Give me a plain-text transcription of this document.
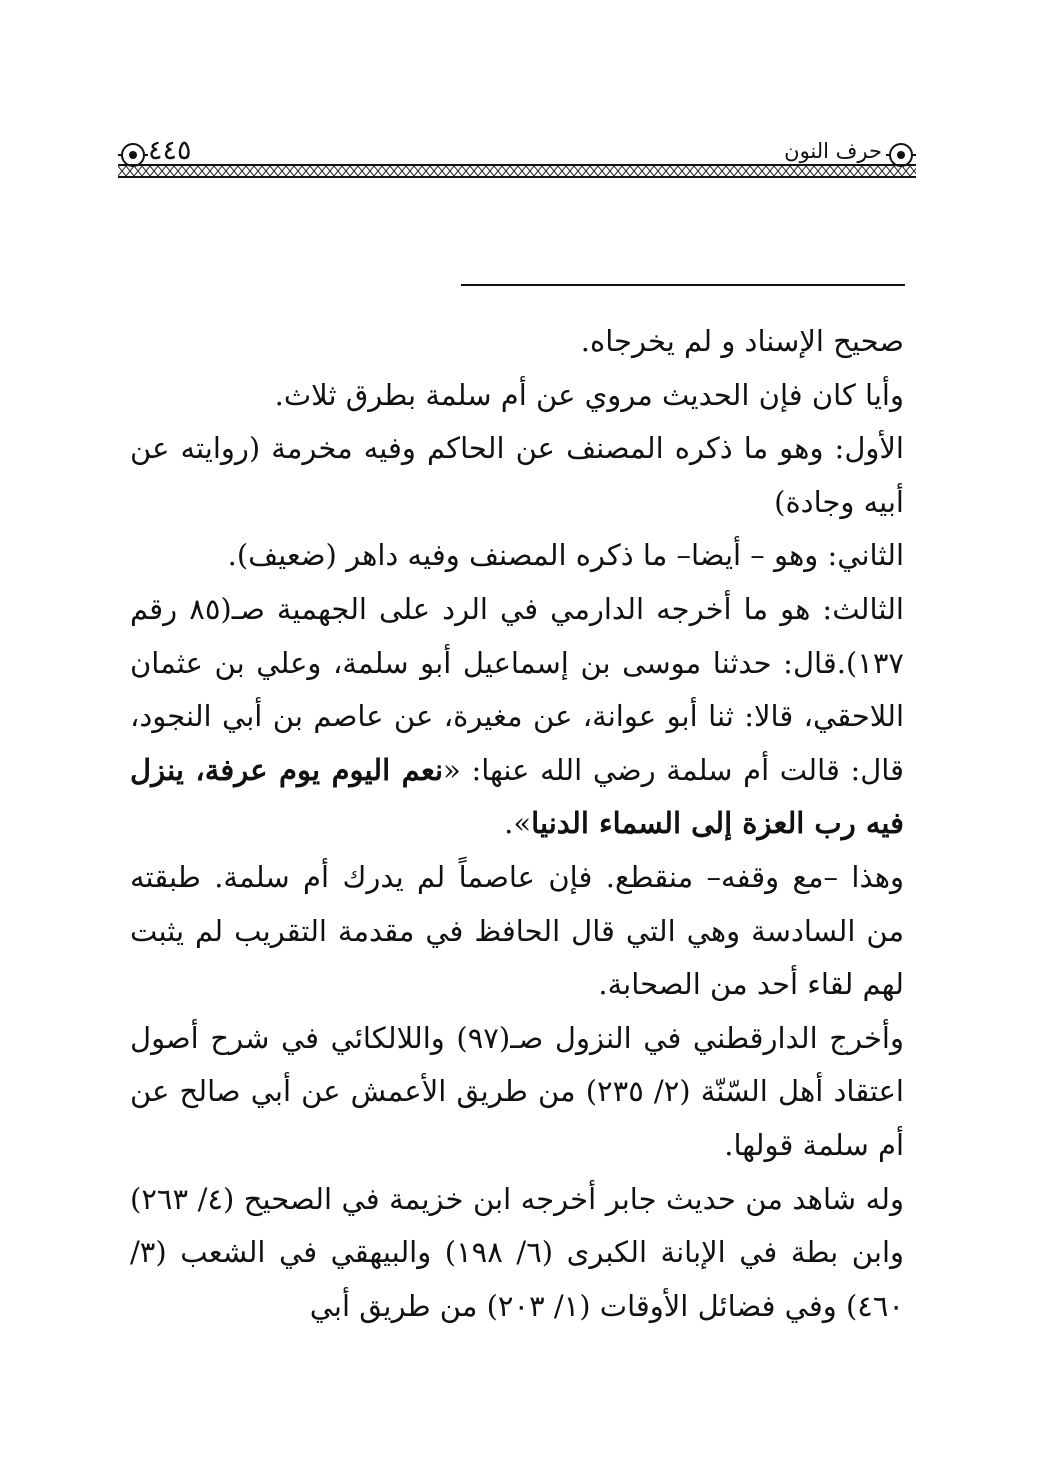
٤٤٥	حرف النون

صحيح الإسناد و لم يخرجاه.

وأيا كان فإن الحديث مروي عن أم سلمة بطرق ثلاث.

الأول: وهو ما ذكره المصنف عن الحاكم وفيه مخرمة (روايته عن أبيه وجادة)

الثاني: وهو – أيضا– ما ذكره المصنف وفيه داهر (ضعيف).

الثالث: هو ما أخرجه الدارمي في الرد على الجهمية صـ(٨٥ رقم ١٣٧).قال: حدثنا موسى بن إسماعيل أبو سلمة، وعلي بن عثمان اللاحقي، قالا: ثنا أبو عوانة، عن مغيرة، عن عاصم بن أبي النجود، قال: قالت أم سلمة رضي الله عنها: «نعم اليوم يوم عرفة، ينزل فيه رب العزة إلى السماء الدنيا».

وهذا –مع وقفه– منقطع. فإن عاصماً لم يدرك أم سلمة. طبقته من السادسة وهي التي قال الحافظ في مقدمة التقريب لم يثبت لهم لقاء أحد من الصحابة.

وأخرج الدارقطني في النزول صـ(٩٧) واللالكائي في شرح أصول اعتقاد أهل السّنّة (٢/ ٢٣٥) من طريق الأعمش عن أبي صالح عن أم سلمة قولها.

وله شاهد من حديث جابر أخرجه ابن خزيمة في الصحيح (٤/ ٢٦٣) وابن بطة في الإبانة الكبرى (٦/ ١٩٨) والبيهقي في الشعب (٣/ ٤٦٠) وفي فضائل الأوقات (١/ ٢٠٣) من طريق أبي
